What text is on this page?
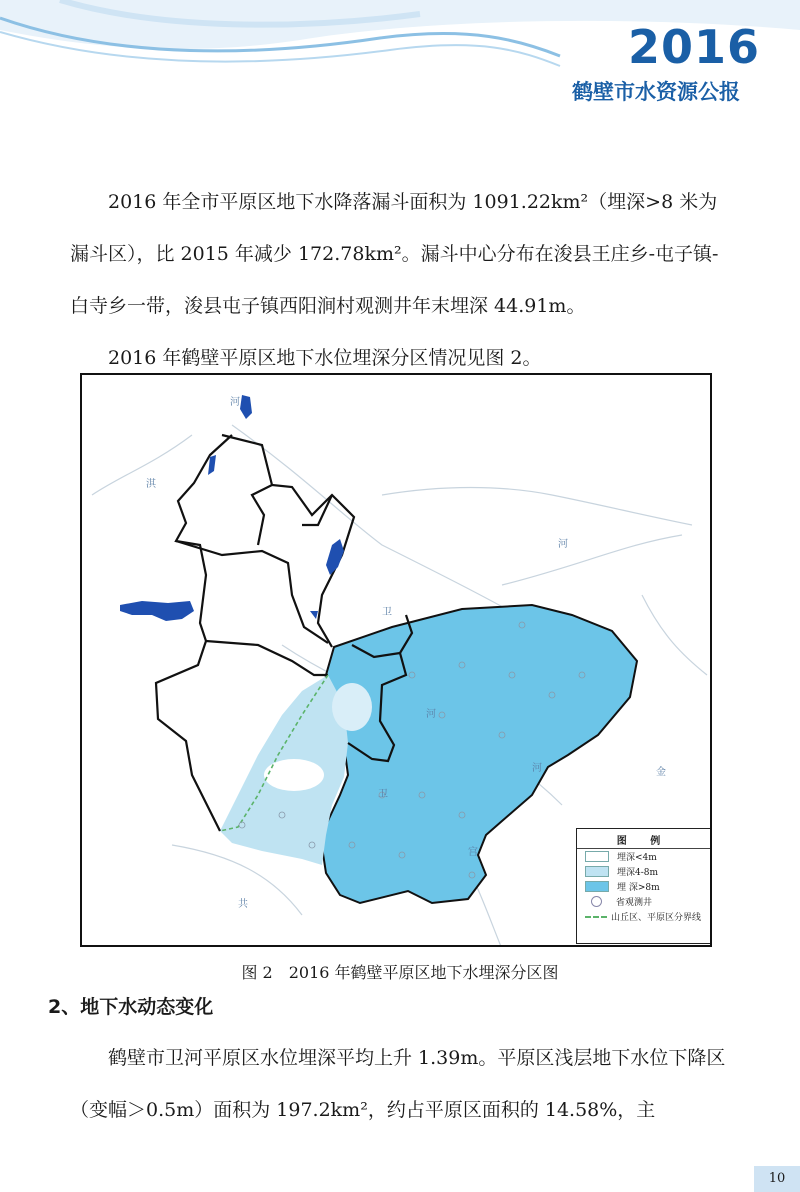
2016
鹤壁市水资源公报

2016 年全市平原区地下水降落漏斗面积为 1091.22km²（埋深>8 米为漏斗区），比 2015 年减少 172.78km²。漏斗中心分布在浚县王庄乡-屯子镇-白寺乡一带，浚县屯子镇西阳涧村观测井年末埋深 44.91m。

2016 年鹤壁平原区地下水位埋深分区情况见图 2。

河
淇
河
卫
河
卫
河	金
宫
共
图 例
埋深<4m
埋深4-8m
埋 深>8m
省观测井
山丘区、平原区分界线
图 2　2016 年鹤壁平原区地下水埋深分区图
2、地下水动态变化

鹤壁市卫河平原区水位埋深平均上升 1.39m。平原区浅层地下水位下降区（变幅＞0.5m）面积为 197.2km²，约占平原区面积的 14.58%，主

10
